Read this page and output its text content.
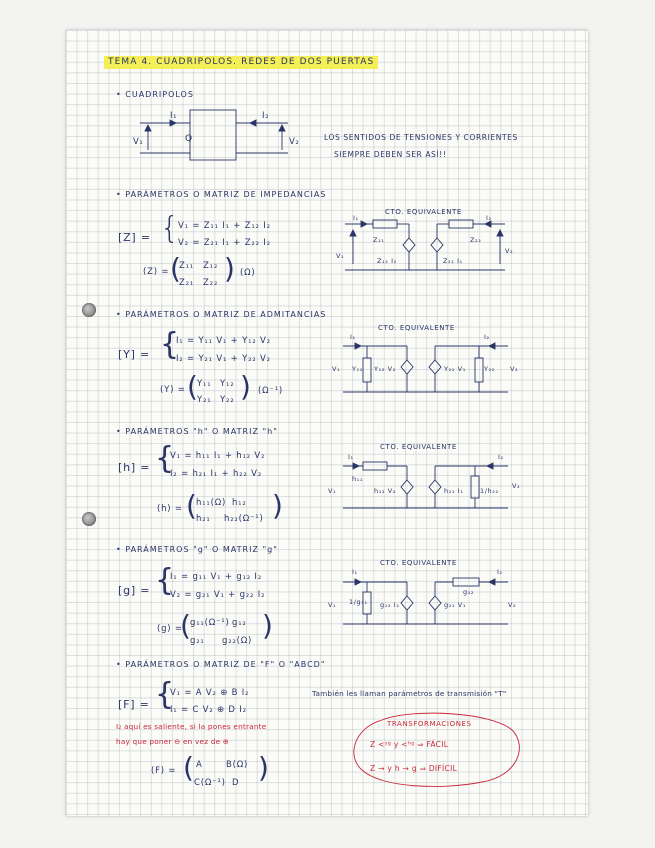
TEMA 4. CUADRIPOLOS. REDES DE DOS PUERTAS
• CUADRIPOLOS
Q
V₁	V₂
I₁	I₂
LOS SENTIDOS DE TENSIONES Y CORRIENTES
SIEMPRE DEBEN SER ASÍ!!
• PARÁMETROS O MATRIZ DE IMPEDANCIAS
[Z] = {
V₁ = Z₁₁ I₁ + Z₁₂ I₂
V₂ = Z₂₁ I₁ + Z₂₂ I₂
(Z) = (
Z₁₁ Z₁₂
Z₂₁ Z₂₂ ) (Ω)
CTO. EQUIVALENTE
Z₁₁	Z₂₂
Z₁₂ I₂	Z₂₁ I₁
V₁
V₂
I₁	I₂
• PARÁMETROS O MATRIZ DE ADMITANCIAS
[Y] = {
I₁ = Y₁₁ V₁ + Y₁₂ V₂
I₂ = Y₂₁ V₁ + Y₂₂ V₂
(Y) = (
Y₁₁ Y₁₂
Y₂₁ Y₂₂ ) (Ω⁻¹)
CTO. EQUIVALENTE
Y₁₁ Y₁₂ V₂	Y₂₁ V₁	Y₂₂
V₁	V₂
I₁	I₂
• PARÁMETROS "h" O MATRIZ "h"
[h] = {
V₁ = h₁₁ I₁ + h₁₂ V₂
I₂ = h₂₁ I₁ + h₂₂ V₂
(h) = (
h₁₁(Ω) h₁₂
h₂₁ h₂₂(Ω⁻¹) )
CTO. EQUIVALENTE
h₁₁
h₁₂ V₂	h₂₁ I₁	1/h₂₂
V₁
V₂
I₁	I₂
• PARÁMETROS "g" O MATRIZ "g"
[g] = {
I₁ = g₁₁ V₁ + g₁₂ I₂
V₂ = g₂₁ V₁ + g₂₂ I₂
(g) =
(
g₁₁(Ω⁻¹) g₁₂
g₂₁ g₂₂(Ω) )
CTO. EQUIVALENTE
1/g₁₁ g₁₂ I₂	g₂₁ V₁
g₂₂
V₁	V₂
I₁	I₂
• PARÁMETROS O MATRIZ DE "F" O "ABCD"
[F] = {
V₁ = A V₂ ⊕ B I₂
I₁ = C V₂ ⊕ D I₂
I₂ aquí es saliente, si la pones entrante
hay que poner ⊖ en vez de ⊕
(F) = ( A	B(Ω)
C(Ω⁻¹) D )
También les llaman parámetros de transmisión "T"
TRANSFORMACIONES
Z <ʸᵍ y <ʰᵍ ⇒ FÁCIL
Z → y h → g ⇒ DIFÍCIL
